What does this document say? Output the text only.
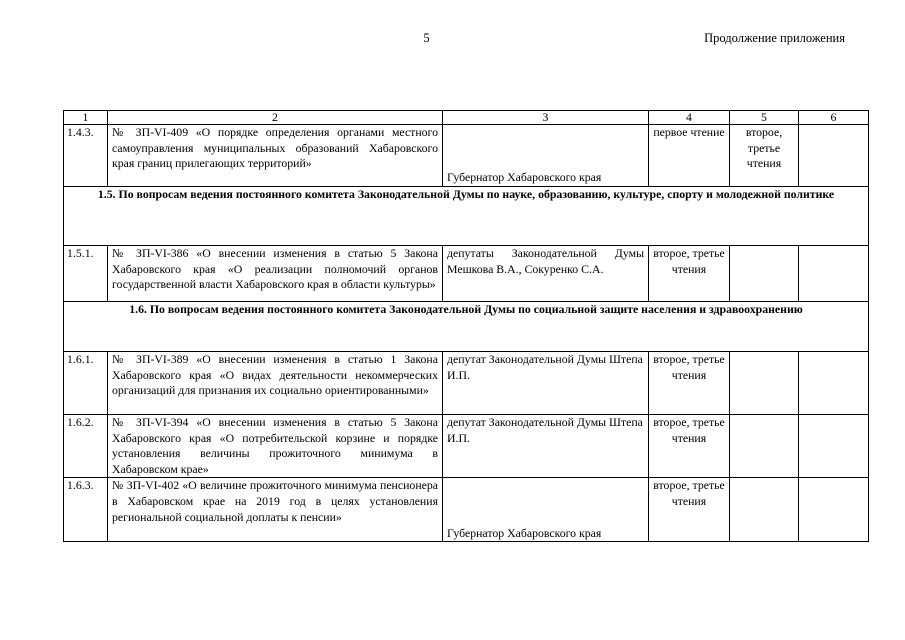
5	Продолжение приложения
1	2	3	4	5	6
1.4.3.	№ ЗП-VI-409 «О порядке определения органами местного самоуправления муниципальных образований Хабаровского края границ прилегающих территорий»	Губернатор Хабаровского края	первое чтение	второе, третье чтения	
1.5. По вопросам ведения постоянного комитета Законодательной Думы по науке, образованию, культуре, спорту и молодежной политике					
1.5.1.	№ ЗП-VI-386 «О внесении изменения в статью 5 Закона Хабаровского края «О реализации полномочий органов государственной власти Хабаровского края в области культуры»	депутаты Законодательной Думы Мешкова В.А., Сокуренко С.А.	второе, третье чтения		
1.6. По вопросам ведения постоянного комитета Законодательной Думы по социальной защите населения и здравоохранению					
1.6.1.	№ ЗП-VI-389 «О внесении изменения в статью 1 Закона Хабаровского края «О видах деятельности некоммерческих организаций для признания их социально ориентированными»	депутат Законодательной Думы Штепа И.П.	второе, третье чтения		
1.6.2.	№ ЗП-VI-394 «О внесении изменения в статью 5 Закона Хабаровского края «О потребительской корзине и порядке установления величины прожиточного минимума в Хабаровском крае»	депутат Законодательной Думы Штепа И.П.	второе, третье чтения		
1.6.3.	№ ЗП-VI-402 «О величине прожиточного минимума пенсионера в Хабаровском крае на 2019 год в целях установления региональной социальной доплаты к пенсии»	Губернатор Хабаровского края	второе, третье чтения		
